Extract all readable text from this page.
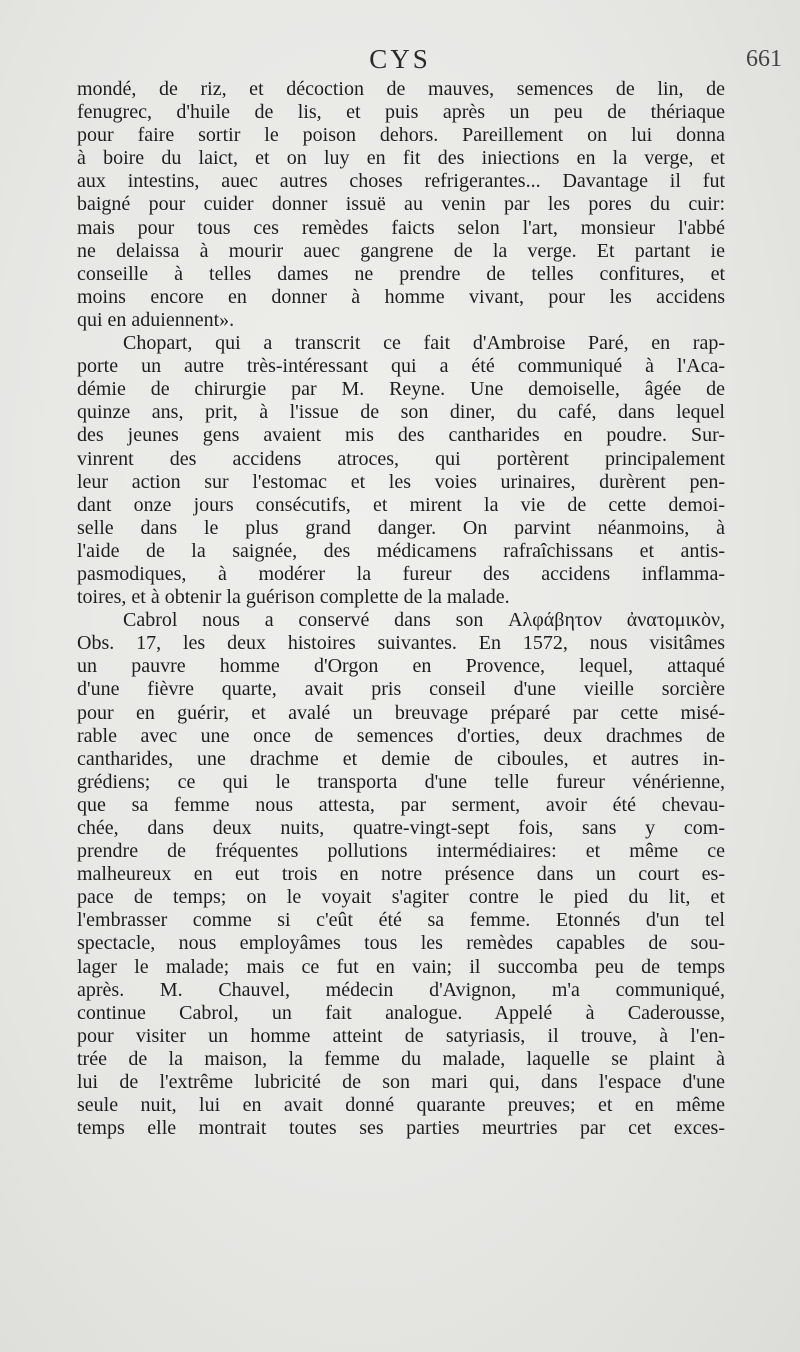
CYS	661
mondé, de riz, et décoction de mauves, semences de lin, de
fenugrec, d'huile de lis, et puis après un peu de thériaque
pour faire sortir le poison dehors. Pareillement on lui donna
à boire du laict, et on luy en fit des iniections en la verge, et
aux intestins, auec autres choses refrigerantes... Davantage il fut
baigné pour cuider donner issuë au venin par les pores du cuir:
mais pour tous ces remèdes faicts selon l'art, monsieur l'abbé
ne delaissa à mourir auec gangrene de la verge. Et partant ie
conseille à telles dames ne prendre de telles confitures, et
moins encore en donner à homme vivant, pour les accidens
qui en aduiennent».
Chopart, qui a transcrit ce fait d'Ambroise Paré, en rap-
porte un autre très-intéressant qui a été communiqué à l'Aca-
démie de chirurgie par M. Reyne. Une demoiselle, âgée de
quinze ans, prit, à l'issue de son diner, du café, dans lequel
des jeunes gens avaient mis des cantharides en poudre. Sur-
vinrent des accidens atroces, qui portèrent principalement
leur action sur l'estomac et les voies urinaires, durèrent pen-
dant onze jours consécutifs, et mirent la vie de cette demoi-
selle dans le plus grand danger. On parvint néanmoins, à
l'aide de la saignée, des médicamens rafraîchissans et antis-
pasmodiques, à modérer la fureur des accidens inflamma-
toires, et à obtenir la guérison complette de la malade.
Cabrol nous a conservé dans son Αλφάβητον ἀνατομικὸν,
Obs. 17, les deux histoires suivantes. En 1572, nous visitâmes
un pauvre homme d'Orgon en Provence, lequel, attaqué
d'une fièvre quarte, avait pris conseil d'une vieille sorcière
pour en guérir, et avalé un breuvage préparé par cette misé-
rable avec une once de semences d'orties, deux drachmes de
cantharides, une drachme et demie de ciboules, et autres in-
grédiens; ce qui le transporta d'une telle fureur vénérienne,
que sa femme nous attesta, par serment, avoir été chevau-
chée, dans deux nuits, quatre-vingt-sept fois, sans y com-
prendre de fréquentes pollutions intermédiaires: et même ce
malheureux en eut trois en notre présence dans un court es-
pace de temps; on le voyait s'agiter contre le pied du lit, et
l'embrasser comme si c'eût été sa femme. Etonnés d'un tel
spectacle, nous employâmes tous les remèdes capables de sou-
lager le malade; mais ce fut en vain; il succomba peu de temps
après. M. Chauvel, médecin d'Avignon, m'a communiqué,
continue Cabrol, un fait analogue. Appelé à Caderousse,
pour visiter un homme atteint de satyriasis, il trouve, à l'en-
trée de la maison, la femme du malade, laquelle se plaint à
lui de l'extrême lubricité de son mari qui, dans l'espace d'une
seule nuit, lui en avait donné quarante preuves; et en même
temps elle montrait toutes ses parties meurtries par cet exces-
